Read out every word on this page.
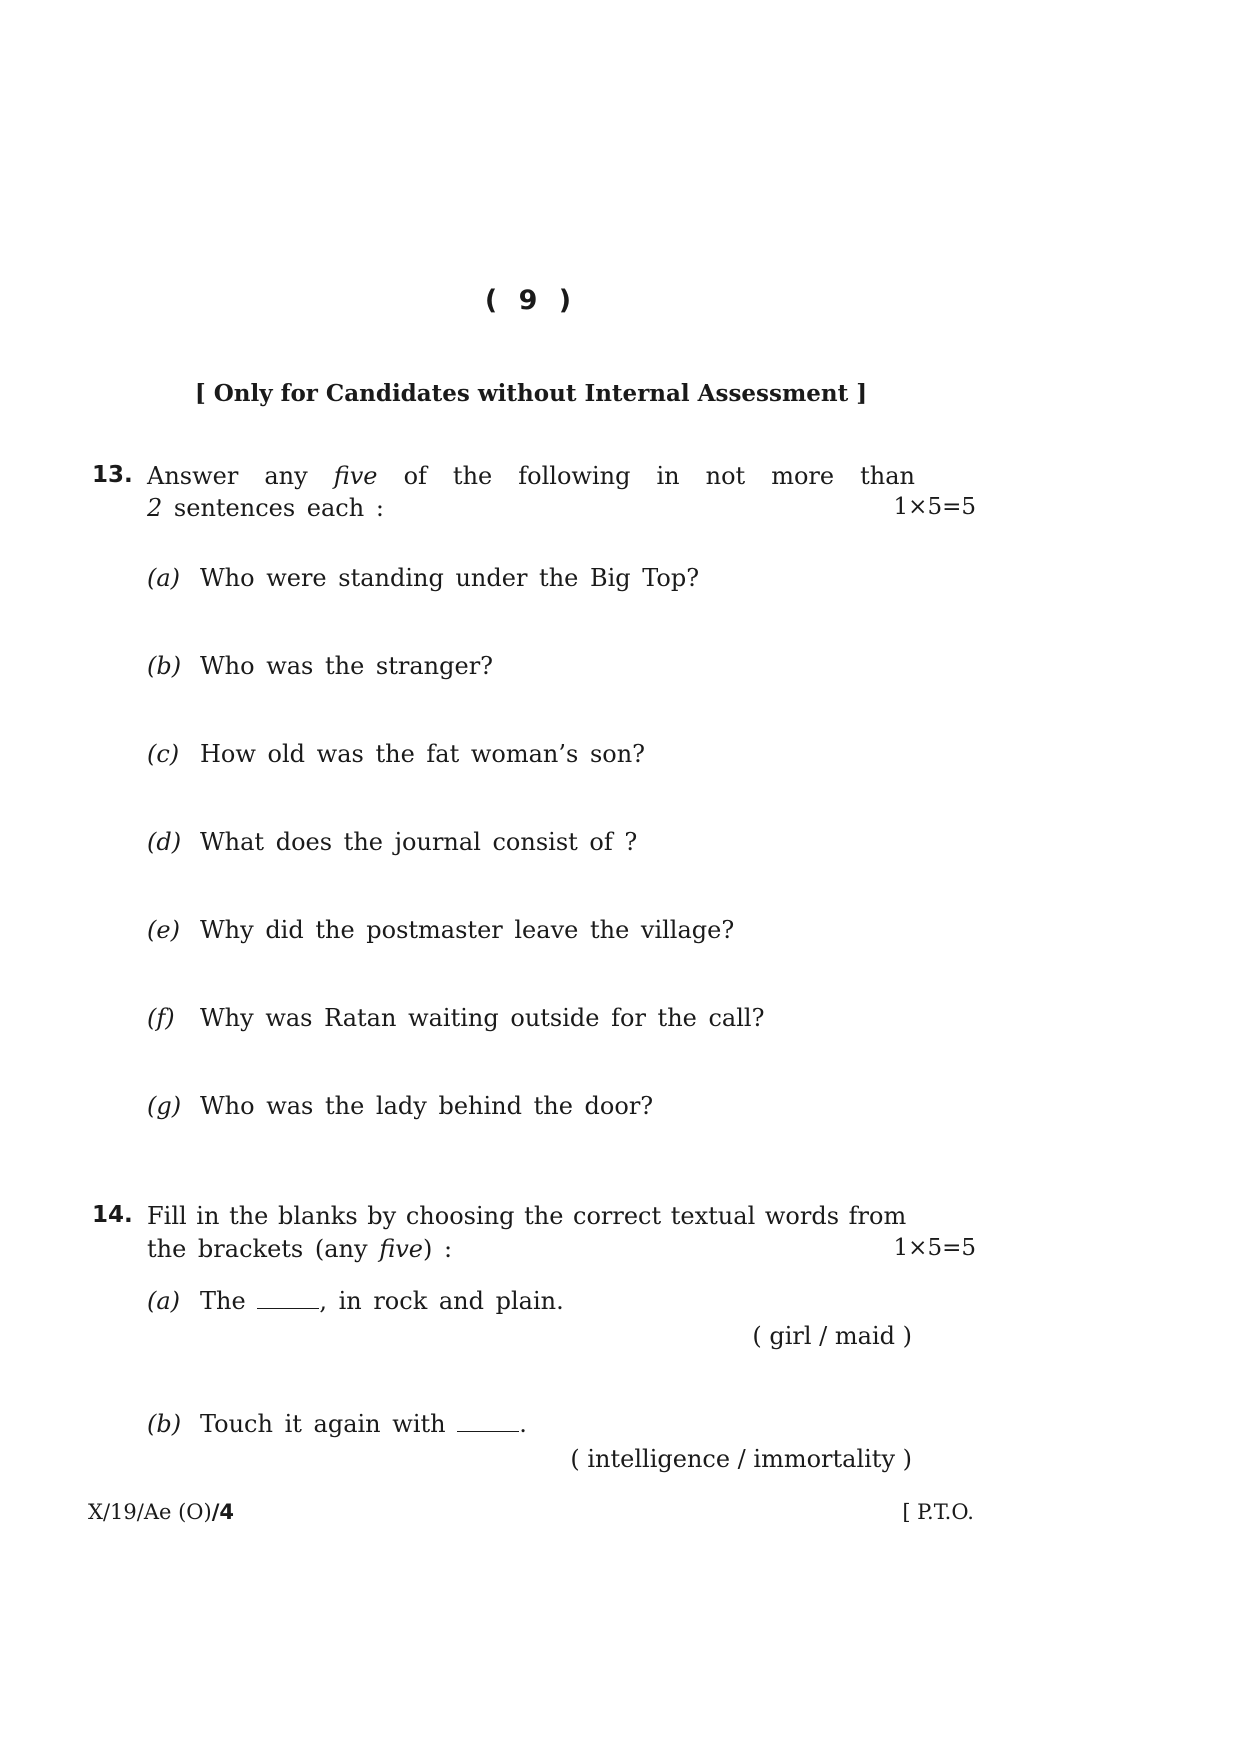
( 9 )
[ Only for Candidates without Internal Assessment ]
13. Answer any five of the following in not more than
2 sentences each :	1×5=5
(a) Who were standing under the Big Top?
(b) Who was the stranger?
(c) How old was the fat woman’s son?
(d) What does the journal consist of ?
(e) Why did the postmaster leave the village?
(f) Why was Ratan waiting outside for the call?
(g) Who was the lady behind the door?
14. Fill in the blanks by choosing the correct textual words from
the brackets (any five) :	1×5=5
(a) The	, in rock and plain.
( girl / maid )
(b) Touch it again with	.
( intelligence / immortality )
X/19/Ae (O)/4	[ P.T.O.
